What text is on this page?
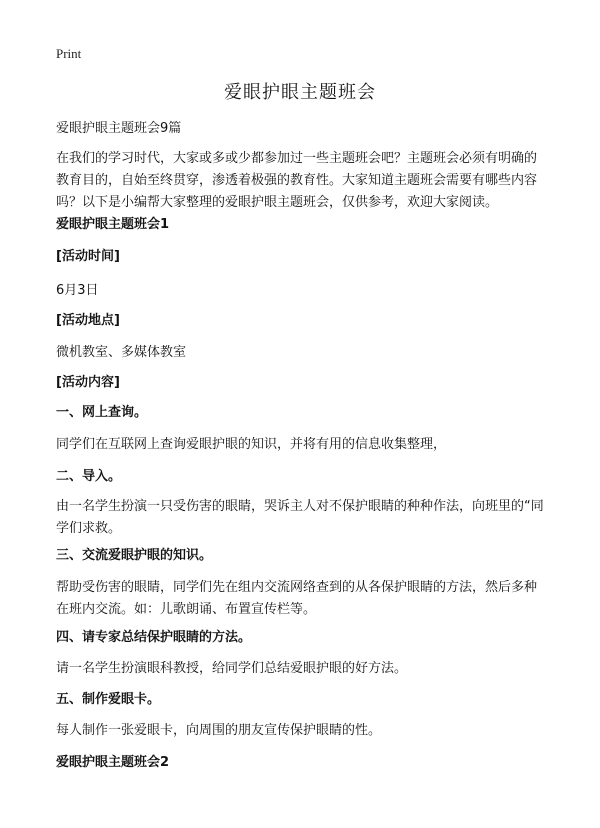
Print
爱眼护眼主题班会

爱眼护眼主题班会9篇

在我们的学习时代，大家或多或少都参加过一些主题班会吧？主题班会必须有明确的教育目的，自始至终贯穿，渗透着极强的教育性。大家知道主题班会需要有哪些内容吗？以下是小编帮大家整理的爱眼护眼主题班会，仅供参考，欢迎大家阅读。

爱眼护眼主题班会1

[活动时间]

6月3日

[活动地点]

微机教室、多媒体教室

[活动内容]

一、网上查询。

同学们在互联网上查询爱眼护眼的知识，并将有用的信息收集整理，

二、导入。

由一名学生扮演一只受伤害的眼睛，哭诉主人对不保护眼睛的种种作法，向班里的“同学们求救。

三、交流爱眼护眼的知识。

帮助受伤害的眼睛，同学们先在组内交流网络查到的从各保护眼睛的方法，然后多种在班内交流。如：儿歌朗诵、布置宣传栏等。

四、请专家总结保护眼睛的方法。

请一名学生扮演眼科教授，给同学们总结爱眼护眼的好方法。

五、制作爱眼卡。

每人制作一张爱眼卡，向周围的朋友宣传保护眼睛的性。

爱眼护眼主题班会2
